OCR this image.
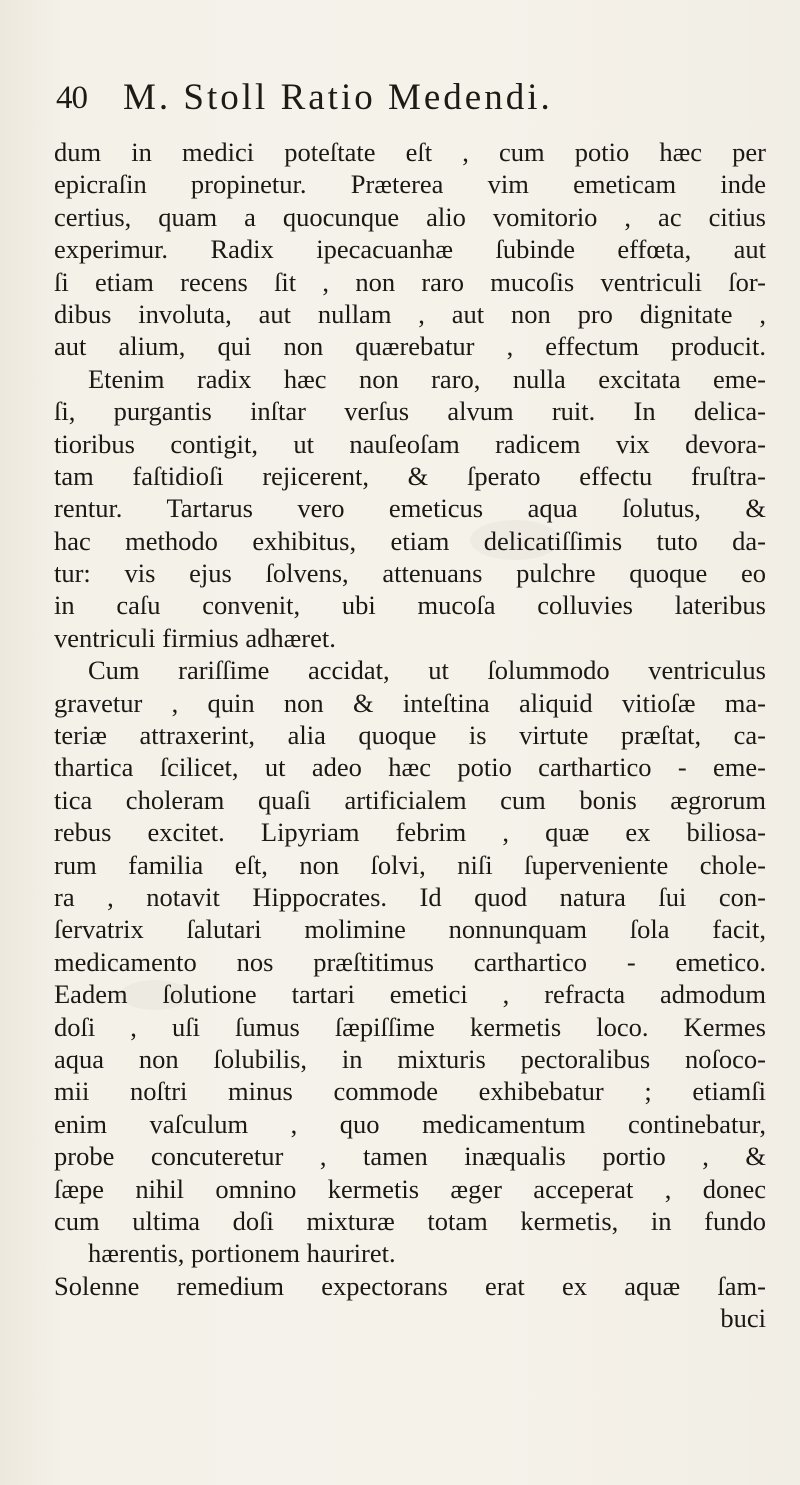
40 M. Stoll Ratio Medendi.
dum in medici poteſtate eſt , cum potio hæc per
epicraſin propinetur. Præterea vim emeticam inde
certius, quam a quocunque alio vomitorio , ac citius
experimur. Radix ipecacuanhæ ſubinde effœta, aut
ſi etiam recens ſit , non raro mucoſis ventriculi ſor-
dibus involuta, aut nullam , aut non pro dignitate ,
aut alium, qui non quærebatur , effectum producit.
Etenim radix hæc non raro, nulla excitata eme-
ſi, purgantis inſtar verſus alvum ruit. In delica-
tioribus contigit, ut nauſeoſam radicem vix devora-
tam faſtidioſi rejicerent, & ſperato effectu fruſtra-
rentur. Tartarus vero emeticus aqua ſolutus, &
hac methodo exhibitus, etiam delicatiſſimis tuto da-
tur: vis ejus ſolvens, attenuans pulchre quoque eo
in caſu convenit, ubi mucoſa colluvies lateribus
ventriculi firmius adhæret.
Cum rariſſime accidat, ut ſolummodo ventriculus
gravetur , quin non & inteſtina aliquid vitioſæ ma-
teriæ attraxerint, alia quoque is virtute præſtat, ca-
thartica ſcilicet, ut adeo hæc potio carthartico - eme-
tica choleram quaſi artificialem cum bonis ægrorum
rebus excitet. Lipyriam febrim , quæ ex biliosa-
rum familia eſt, non ſolvi, niſi ſuperveniente chole-
ra , notavit Hippocrates. Id quod natura ſui con-
ſervatrix ſalutari molimine nonnunquam ſola facit,
medicamento nos præſtitimus carthartico - emetico.
Eadem ſolutione tartari emetici , refracta admodum
doſi , uſi ſumus ſæpiſſime kermetis loco. Kermes
aqua non ſolubilis, in mixturis pectoralibus noſoco-
mii noſtri minus commode exhibebatur ; etiamſi
enim vaſculum , quo medicamentum continebatur,
probe concuteretur , tamen inæqualis portio , &
ſæpe nihil omnino kermetis æger acceperat , donec
cum ultima doſi mixturæ totam kermetis, in fundo
hærentis, portionem hauriret.
Solenne remedium expectorans erat ex aquæ ſam-
buci
